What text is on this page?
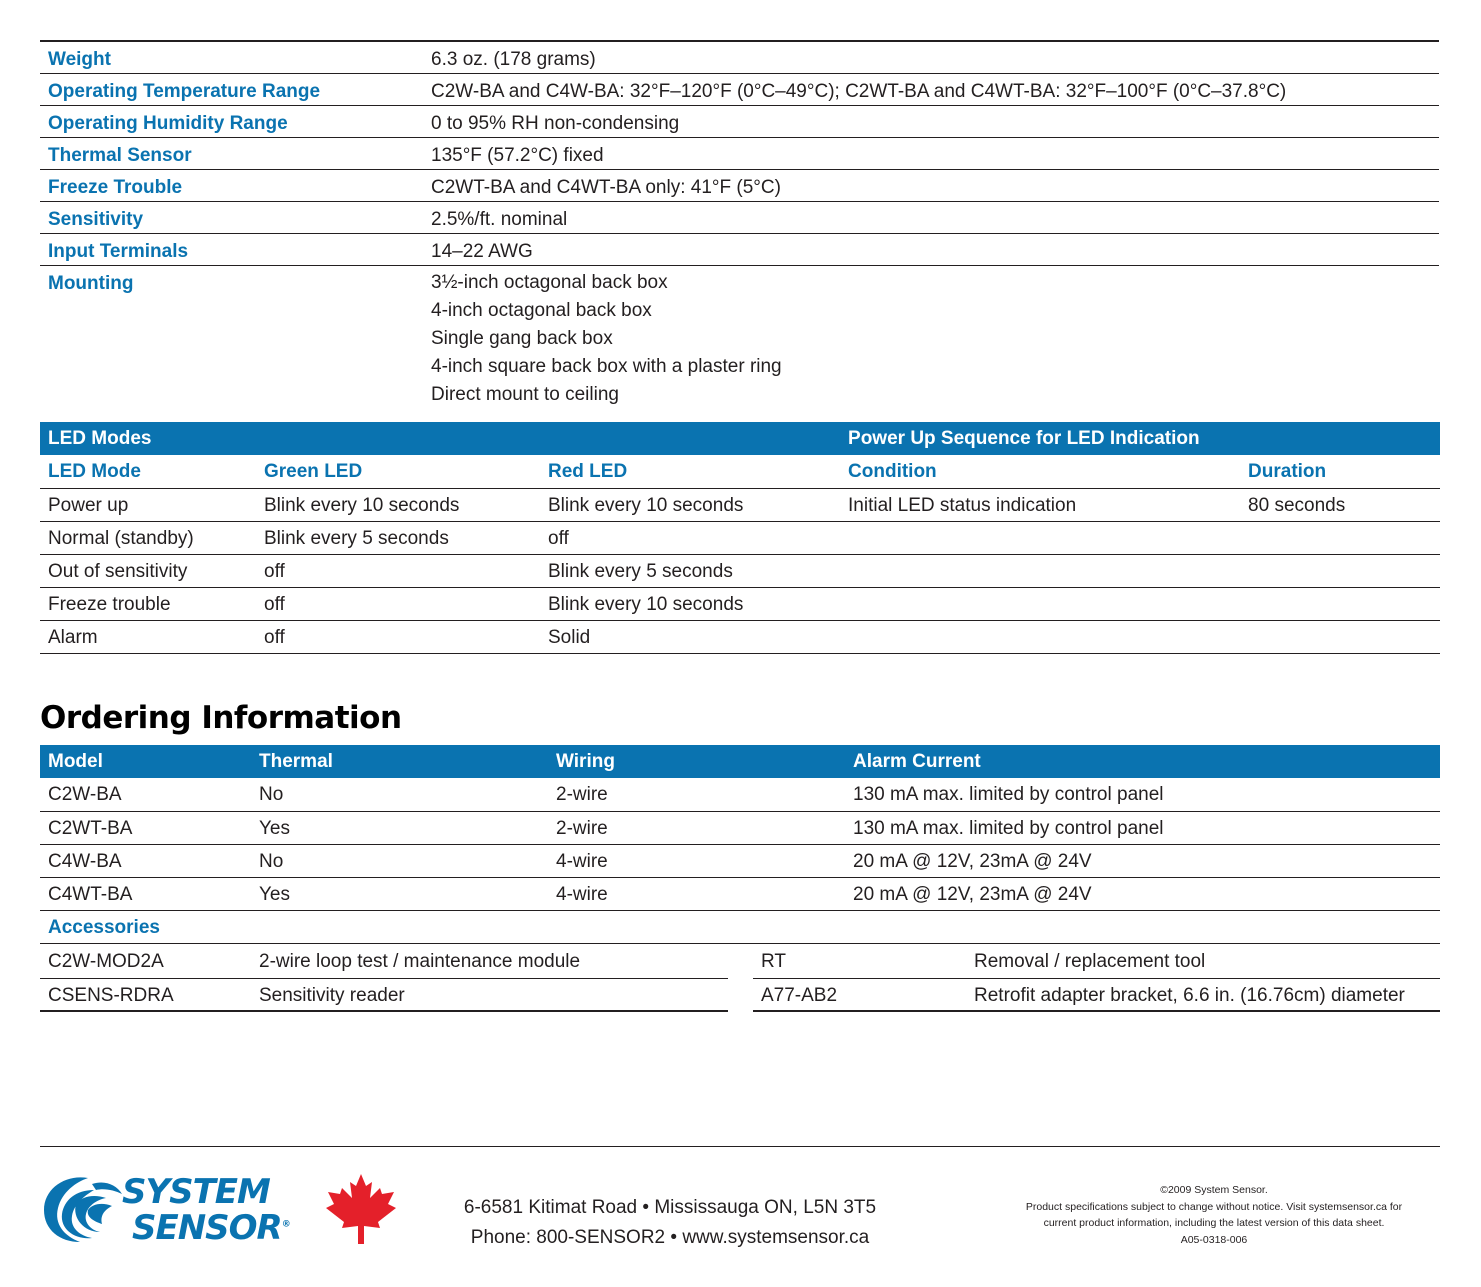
Weight	6.3 oz. (178 grams)
Operating Temperature Range	C2W-BA and C4W-BA: 32°F–120°F (0°C–49°C); C2WT-BA and C4WT-BA: 32°F–100°F (0°C–37.8°C)
Operating Humidity Range	0 to 95% RH non-condensing
Thermal Sensor	135°F (57.2°C) fixed
Freeze Trouble	C2WT-BA and C4WT-BA only: 41°F (5°C)
Sensitivity	2.5%/ft. nominal
Input Terminals	14–22 AWG
Mounting	3½-inch octagonal back box
4-inch octagonal back box
Single gang back box
4-inch square back box with a plaster ring
Direct mount to ceiling
LED Modes			Power Up Sequence for LED Indication	
LED Mode	Green LED	Red LED	Condition	Duration
Power up	Blink every 10 seconds	Blink every 10 seconds	Initial LED status indication	80 seconds
Normal (standby)	Blink every 5 seconds	off		
Out of sensitivity	off	Blink every 5 seconds		
Freeze trouble	off	Blink every 10 seconds		
Alarm	off	Solid		
Ordering Information
Model	Thermal	Wiring	Alarm Current
C2W-BA	No	2-wire	130 mA max. limited by control panel
C2WT-BA	Yes	2-wire	130 mA max. limited by control panel
C4W-BA	No	4-wire	20 mA @ 12V, 23mA @ 24V
C4WT-BA	Yes	4-wire	20 mA @ 12V, 23mA @ 24V
Accessories			
C2W-MOD2A	2-wire loop test / maintenance module
CSENS-RDRA	Sensitivity reader
RT	Removal / replacement tool
A77-AB2	Retrofit adapter bracket, 6.6 in. (16.76cm) diameter
SYSTEM
SENSOR®
6-6581 Kitimat Road • Mississauga ON, L5N 3T5
Phone: 800-SENSOR2 • www.systemsensor.ca
©2009 System Sensor.
Product specifications subject to change without notice. Visit systemsensor.ca for
current product information, including the latest version of this data sheet.
A05-0318-006
